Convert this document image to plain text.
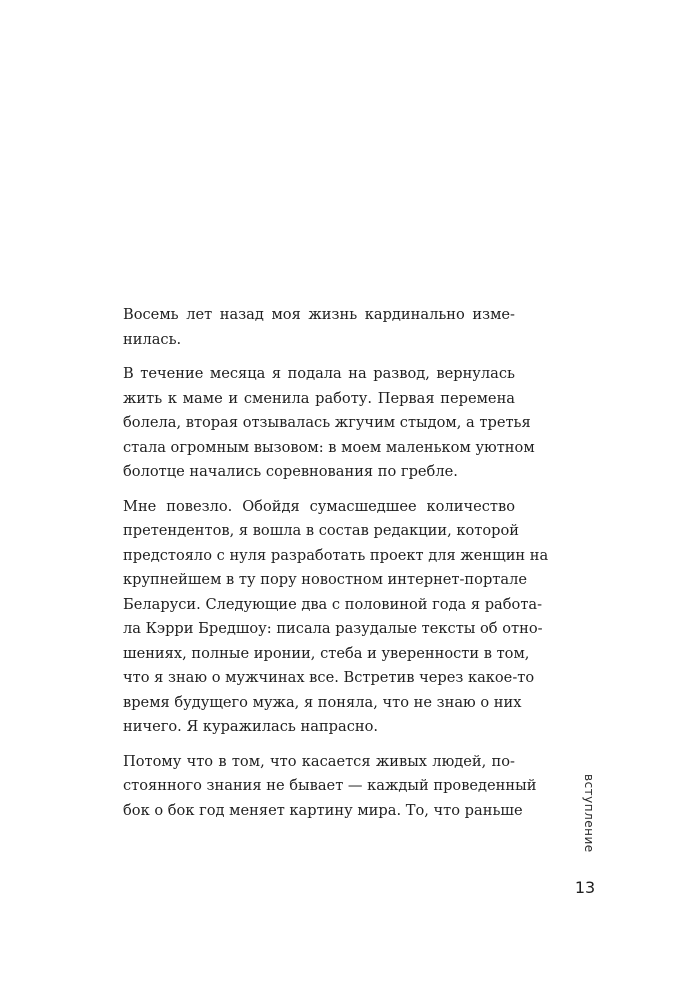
Восемь лет назад моя жизнь кардинально изме-
нилась.

В течение месяца я подала на развод, вернулась
жить к маме и сменила работу. Первая перемена
болела, вторая отзывалась жгучим стыдом, а третья
стала огромным вызовом: в моем маленьком уютном
болотце начались соревнования по гребле.

Мне повезло. Обойдя сумасшедшее количество
претендентов, я вошла в состав редакции, которой
предстояло с нуля разработать проект для женщин на
крупнейшем в ту пору новостном интернет-портале
Беларуси. Следующие два с половиной года я работа-
ла Кэрри Бредшоу: писала разудалые тексты об отно-
шениях, полные иронии, стеба и уверенности в том,
что я знаю о мужчинах все. Встретив через какое-то
время будущего мужа, я поняла, что не знаю о них
ничего. Я куражилась напрасно.

Потому что в том, что касается живых людей, по-
стоянного знания не бывает — каждый проведенный
бок о бок год меняет картину мира. То, что раньше	вступление
13
